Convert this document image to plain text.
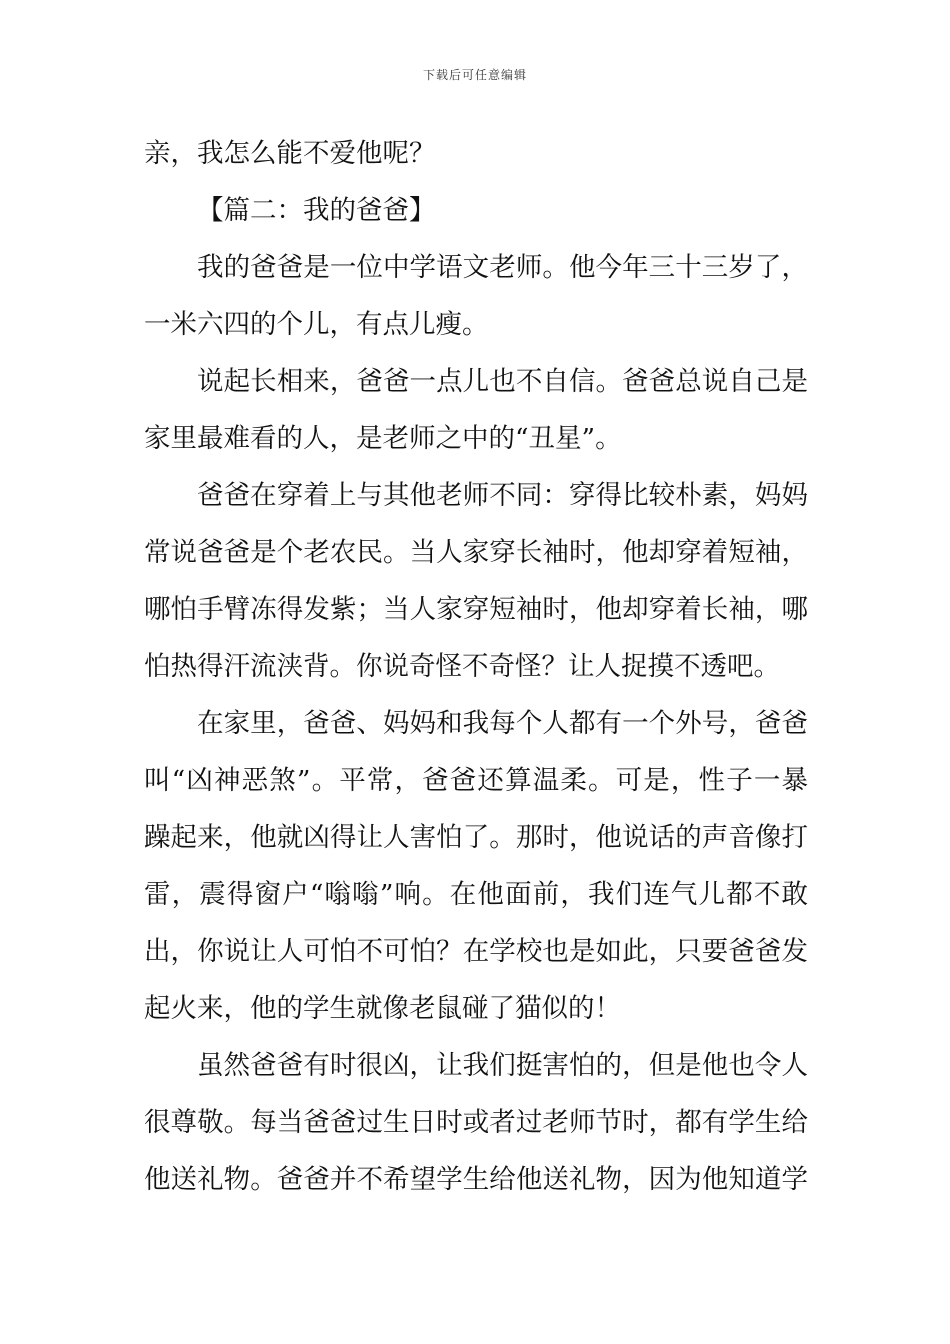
下载后可任意编辑
亲，我怎么能不爱他呢？
【篇二：我的爸爸】
我的爸爸是一位中学语文老师。他今年三十三岁了，
一米六四的个儿，有点儿瘦。
说起长相来，爸爸一点儿也不自信。爸爸总说自己是
家里最难看的人，是老师之中的“丑星”。
爸爸在穿着上与其他老师不同：穿得比较朴素，妈妈
常说爸爸是个老农民。当人家穿长袖时，他却穿着短袖，
哪怕手臂冻得发紫；当人家穿短袖时，他却穿着长袖，哪
怕热得汗流浃背。你说奇怪不奇怪？让人捉摸不透吧。
在家里，爸爸、妈妈和我每个人都有一个外号，爸爸
叫“凶神恶煞”。平常，爸爸还算温柔。可是，性子一暴
躁起来，他就凶得让人害怕了。那时，他说话的声音像打
雷，震得窗户“嗡嗡”响。在他面前，我们连气儿都不敢
出，你说让人可怕不可怕？在学校也是如此，只要爸爸发
起火来，他的学生就像老鼠碰了猫似的！
虽然爸爸有时很凶，让我们挺害怕的，但是他也令人
很尊敬。每当爸爸过生日时或者过老师节时，都有学生给
他送礼物。爸爸并不希望学生给他送礼物，因为他知道学
